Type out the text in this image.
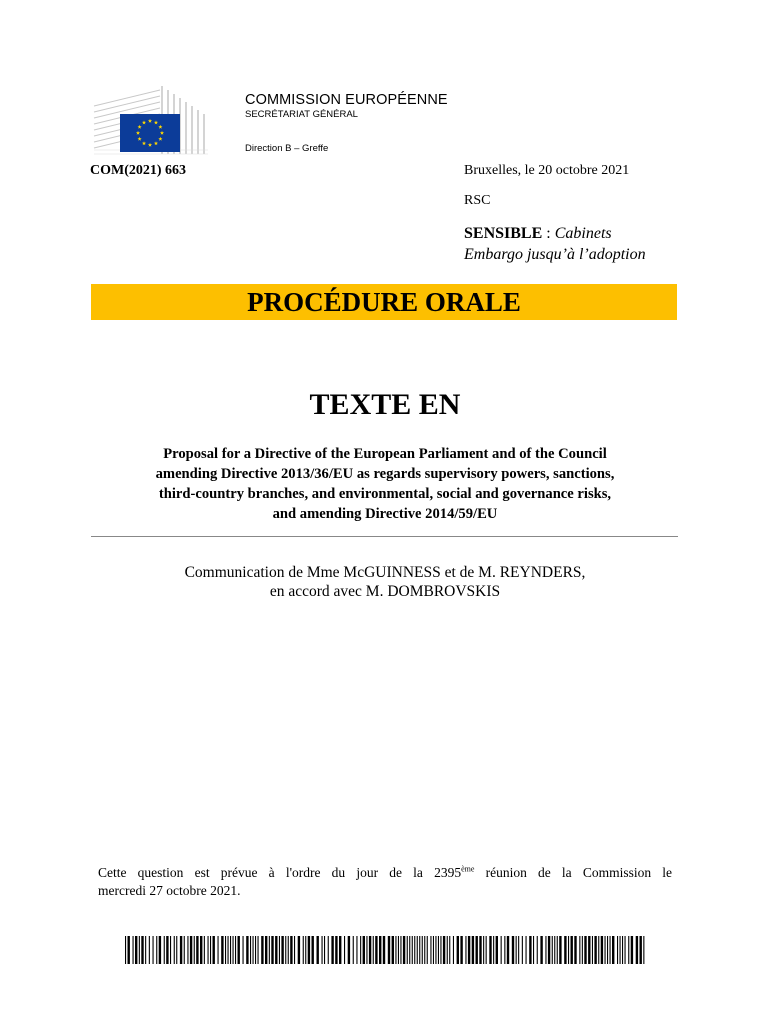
COMMISSION EUROPÉENNE
SECRÉTARIAT GÉNÉRAL
Direction B – Greffe
COM(2021) 663	Bruxelles, le 20 octobre 2021
RSC
SENSIBLE : Cabinets
Embargo jusqu’à l’adoption
PROCÉDURE ORALE
TEXTE EN
Proposal for a Directive of the European Parliament and of the Council
amending Directive 2013/36/EU as regards supervisory powers, sanctions,
third-country branches, and environmental, social and governance risks,
and amending Directive 2014/59/EU
Communication de Mme McGUINNESS et de M. REYNDERS,
en accord avec M. DOMBROVSKIS
Cette question est prévue à l'ordre du jour de la 2395ème réunion de la Commission le
mercredi 27 octobre 2021.
